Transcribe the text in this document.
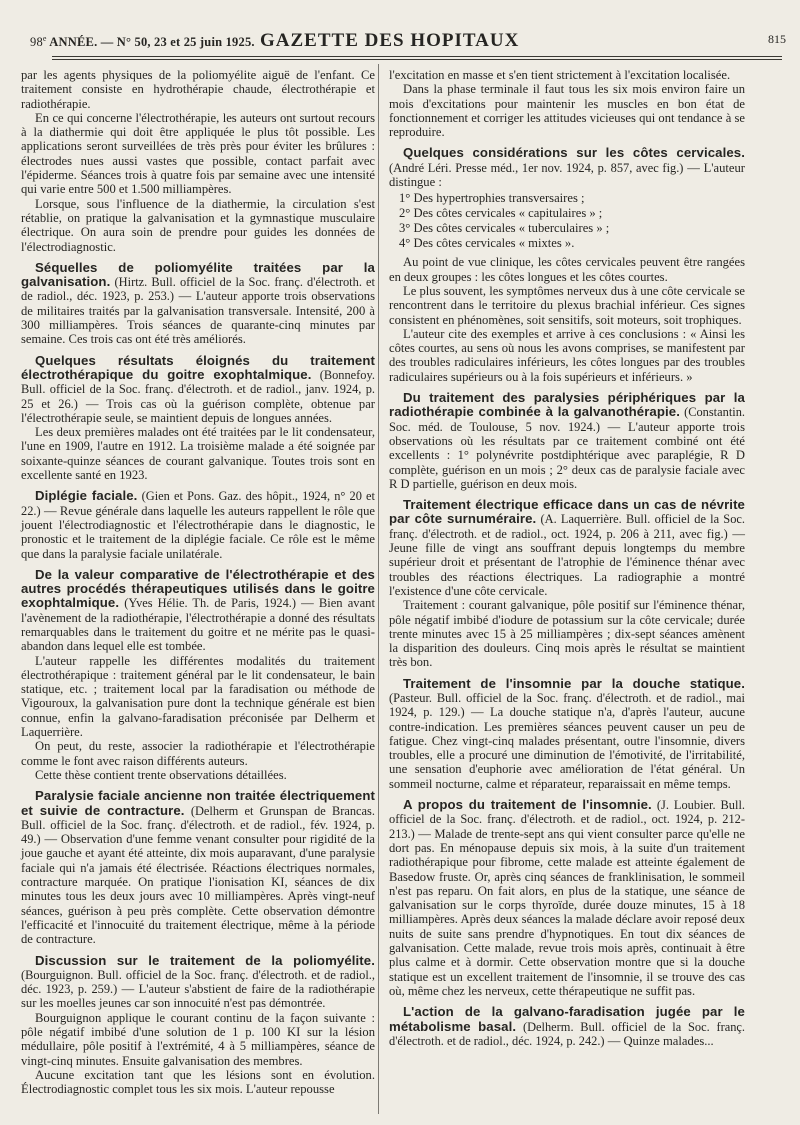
98e ANNÉE. — N° 50, 23 et 25 juin 1925. GAZETTE DES HOPITAUX	815

par les agents physiques de la poliomyélite aiguë de l'enfant. Ce traitement consiste en hydrothérapie chaude, électrothérapie et radiothérapie.

En ce qui concerne l'électrothérapie, les auteurs ont surtout recours à la diathermie qui doit être appliquée le plus tôt possible. Les applications seront surveillées de très près pour éviter les brûlures : électrodes nues aussi vastes que possible, contact parfait avec l'épiderme. Séances trois à quatre fois par semaine avec une intensité qui varie entre 500 et 1.500 milliampères.

Lorsque, sous l'influence de la diathermie, la circulation s'est rétablie, on pratique la galvanisation et la gymnastique musculaire électrique. On aura soin de prendre pour guides les données de l'électrodiagnostic.

Séquelles de poliomyélite traitées par la galvanisation. (Hirtz. Bull. officiel de la Soc. franç. d'électroth. et de radiol., déc. 1923, p. 253.) — L'auteur apporte trois observations de militaires traités par la galvanisation transversale. Intensité, 200 à 300 milliampères. Trois séances de quarante-cinq minutes par semaine. Ces trois cas ont été très améliorés.

Quelques résultats éloignés du traitement électrothérapique du goitre exophtalmique. (Bonnefoy. Bull. officiel de la Soc. franç. d'électroth. et de radiol., janv. 1924, p. 25 et 26.) — Trois cas où la guérison complète, obtenue par l'électrothérapie seule, se maintient depuis de longues années.

Les deux premières malades ont été traitées par le lit condensateur, l'une en 1909, l'autre en 1912. La troisième malade a été soignée par soixante-quinze séances de courant galvanique. Toutes trois sont en excellente santé en 1923.

Diplégie faciale. (Gien et Pons. Gaz. des hôpit., 1924, n° 20 et 22.) — Revue générale dans laquelle les auteurs rappellent le rôle que jouent l'électrodiagnostic et l'électrothérapie dans le diagnostic, le pronostic et le traitement de la diplégie faciale. Ce rôle est le même que dans la paralysie faciale unilatérale.

De la valeur comparative de l'électrothérapie et des autres procédés thérapeutiques utilisés dans le goitre exophtalmique. (Yves Hélie. Th. de Paris, 1924.) — Bien avant l'avènement de la radiothérapie, l'électrothérapie a donné des résultats remarquables dans le traitement du goitre et ne mérite pas le quasi-abandon dans lequel elle est tombée.

L'auteur rappelle les différentes modalités du traitement électrothérapique : traitement général par le lit condensateur, le bain statique, etc. ; traitement local par la faradisation ou méthode de Vigouroux, la galvanisation pure dont la technique générale est bien connue, enfin la galvano-faradisation préconisée par Delherm et Laquerrière.

On peut, du reste, associer la radiothérapie et l'électrothérapie comme le font avec raison différents auteurs.

Cette thèse contient trente observations détaillées.

Paralysie faciale ancienne non traitée électriquement et suivie de contracture. (Delherm et Grunspan de Brancas. Bull. officiel de la Soc. franç. d'électroth. et de radiol., fév. 1924, p. 49.) — Observation d'une femme venant consulter pour rigidité de la joue gauche et ayant été atteinte, dix mois auparavant, d'une paralysie faciale qui n'a jamais été électrisée. Réactions électriques normales, contracture marquée. On pratique l'ionisation KI, séances de dix minutes tous les deux jours avec 10 milliampères. Après vingt-neuf séances, guérison à peu près complète. Cette observation démontre l'efficacité et l'innocuité du traitement électrique, même à la période de contracture.

Discussion sur le traitement de la poliomyélite. (Bourguignon. Bull. officiel de la Soc. franç. d'électroth. et de radiol., déc. 1923, p. 259.) — L'auteur s'abstient de faire de la radiothérapie sur les moelles jeunes car son innocuité n'est pas démontrée.

Bourguignon applique le courant continu de la façon suivante : pôle négatif imbibé d'une solution de 1 p. 100 KI sur la lésion médullaire, pôle positif à l'extrémité, 4 à 5 milliampères, séance de vingt-cinq minutes. Ensuite galvanisation des membres.

Aucune excitation tant que les lésions sont en évolution. Électrodiagnostic complet tous les six mois. L'auteur repousse

l'excitation en masse et s'en tient strictement à l'excitation localisée.

Dans la phase terminale il faut tous les six mois environ faire un mois d'excitations pour maintenir les muscles en bon état de fonctionnement et corriger les attitudes vicieuses qui ont tendance à se reproduire.

Quelques considérations sur les côtes cervicales. (André Léri. Presse méd., 1er nov. 1924, p. 857, avec fig.) — L'auteur distingue :

1° Des hypertrophies transversaires ;
2° Des côtes cervicales « capitulaires » ;
3° Des côtes cervicales « tuberculaires » ;
4° Des côtes cervicales « mixtes ».

Au point de vue clinique, les côtes cervicales peuvent être rangées en deux groupes : les côtes longues et les côtes courtes.

Le plus souvent, les symptômes nerveux dus à une côte cervicale se rencontrent dans le territoire du plexus brachial inférieur. Ces signes consistent en phénomènes, soit sensitifs, soit moteurs, soit trophiques.

L'auteur cite des exemples et arrive à ces conclusions : « Ainsi les côtes courtes, au sens où nous les avons comprises, se manifestent par des troubles radiculaires inférieurs, les côtes longues par des troubles radiculaires supérieurs ou à la fois supérieurs et inférieurs. »

Du traitement des paralysies périphériques par la radiothérapie combinée à la galvanothérapie. (Constantin. Soc. méd. de Toulouse, 5 nov. 1924.) — L'auteur apporte trois observations où les résultats par ce traitement combiné ont été excellents : 1° polynévrite postdiphtérique avec paraplégie, R D complète, guérison en un mois ; 2° deux cas de paralysie faciale avec R D partielle, guérison en deux mois.

Traitement électrique efficace dans un cas de névrite par côte surnuméraire. (A. Laquerrière. Bull. officiel de la Soc. franç. d'électroth. et de radiol., oct. 1924, p. 206 à 211, avec fig.) — Jeune fille de vingt ans souffrant depuis longtemps du membre supérieur droit et présentant de l'atrophie de l'éminence thénar avec troubles des réactions électriques. La radiographie a montré l'existence d'une côte cervicale.

Traitement : courant galvanique, pôle positif sur l'éminence thénar, pôle négatif imbibé d'iodure de potassium sur la côte cervicale; durée trente minutes avec 15 à 25 milliampères ; dix-sept séances amènent la disparition des douleurs. Cinq mois après le résultat se maintient très bon.

Traitement de l'insomnie par la douche statique. (Pasteur. Bull. officiel de la Soc. franç. d'électroth. et de radiol., mai 1924, p. 129.) — La douche statique n'a, d'après l'auteur, aucune contre-indication. Les premières séances peuvent causer un peu de fatigue. Chez vingt-cinq malades présentant, outre l'insomnie, divers troubles, elle a procuré une diminution de l'émotivité, de l'irritabilité, une sensation d'euphorie avec amélioration de l'état général. Un sommeil nocturne, calme et réparateur, reparaissait en même temps.

A propos du traitement de l'insomnie. (J. Loubier. Bull. officiel de la Soc. franç. d'électroth. et de radiol., oct. 1924, p. 212-213.) — Malade de trente-sept ans qui vient consulter parce qu'elle ne dort pas. En ménopause depuis six mois, à la suite d'un traitement radiothérapique pour fibrome, cette malade est atteinte également de Basedow fruste. Or, après cinq séances de franklinisation, le sommeil n'est pas reparu. On fait alors, en plus de la statique, une séance de galvanisation sur le corps thyroïde, durée douze minutes, 15 à 18 milliampères. Après deux séances la malade déclare avoir reposé deux nuits de suite sans prendre d'hypnotiques. En tout dix séances de galvanisation. Cette malade, revue trois mois après, continuait à être plus calme et à dormir. Cette observation montre que si la douche statique est un excellent traitement de l'insomnie, il se trouve des cas où, même chez les nerveux, cette thérapeutique ne suffit pas.

L'action de la galvano-faradisation jugée par le métabolisme basal. (Delherm. Bull. officiel de la Soc. franç. d'électroth. et de radiol., déc. 1924, p. 242.) — Quinze malades...
